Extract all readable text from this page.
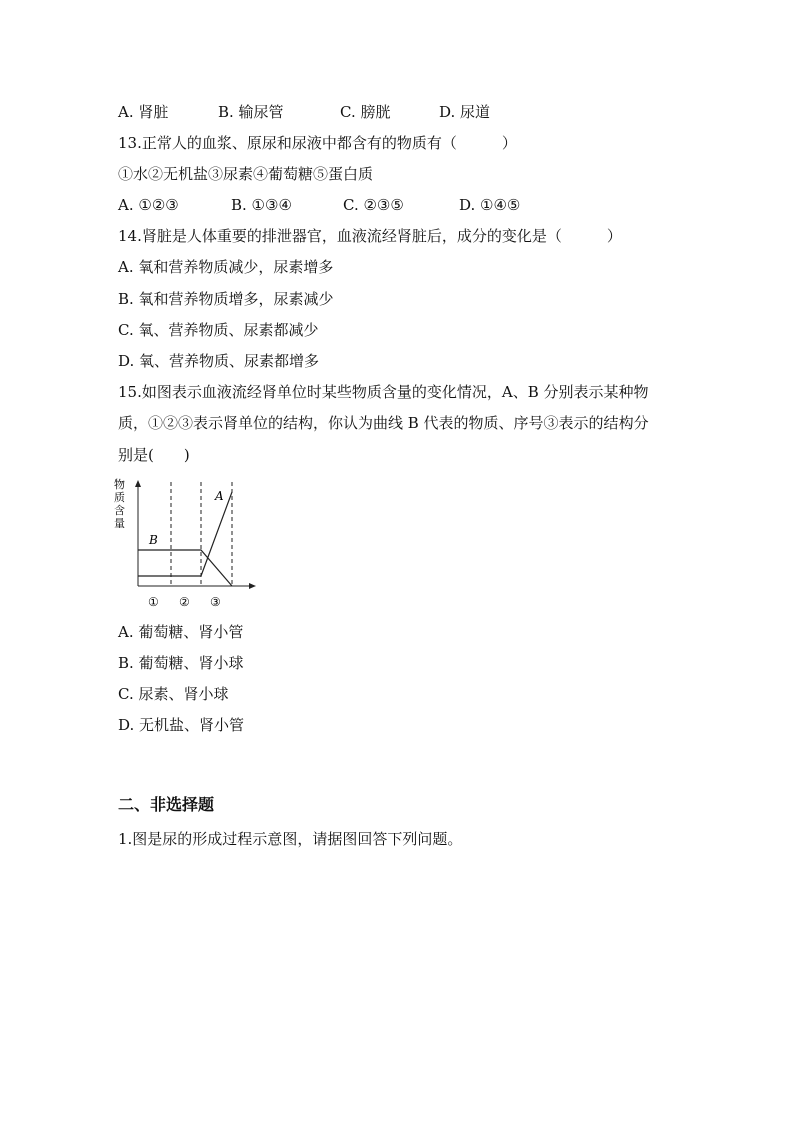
A. 肾脏	B. 输尿管	C. 膀胱	D. 尿道
13.正常人的血浆、原尿和尿液中都含有的物质有（　　　）
①水②无机盐③尿素④葡萄糖⑤蛋白质
A. ①②③	B. ①③④	C. ②③⑤	D. ①④⑤
14.肾脏是人体重要的排泄器官，血液流经肾脏后，成分的变化是（　　　）
A. 氧和营养物质减少，尿素增多
B. 氧和营养物质增多，尿素减少
C. 氧、营养物质、尿素都减少
D. 氧、营养物质、尿素都增多
15.如图表示血液流经肾单位时某些物质含量的变化情况，A、B 分别表示某种物
质，①②③表示肾单位的结构，你认为曲线 B 代表的物质、序号③表示的结构分
别是(　　)
物
质
含
量
A
B
① ② ③
A. 葡萄糖、肾小管
B. 葡萄糖、肾小球
C. 尿素、肾小球
D. 无机盐、肾小管
二、非选择题
1.图是尿的形成过程示意图，请据图回答下列问题。
